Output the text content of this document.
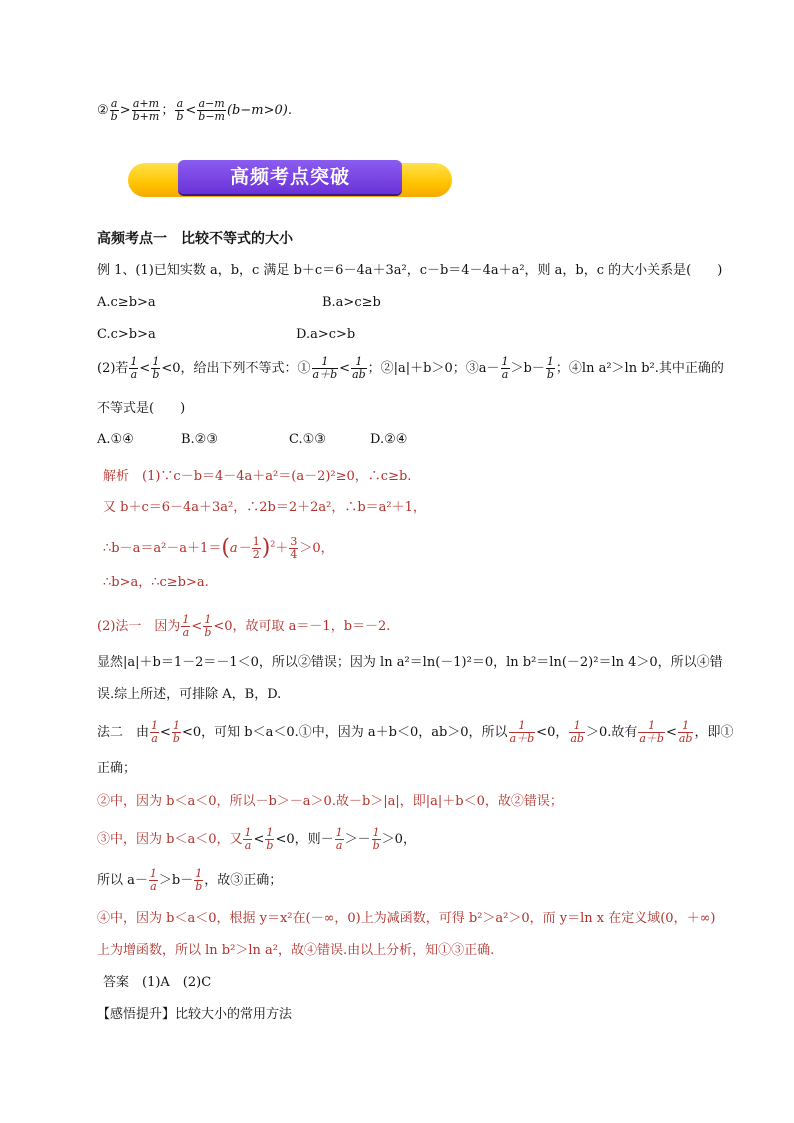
② $\frac{a}{b} > \frac{a+m}{b+m}$ ； $\frac{a}{b} < \frac{a-m}{b-m} (b-m>0)$.
高频考点突破
高频考点一　比较不等式的大小
例 1、(1)已知实数 a，b，c 满足 b＋c＝6－4a＋3a²，c－b＝4－4a＋a²，则 a，b，c 的大小关系是(　　)
A.c≥b>a	B.a>c≥b
C.c>b>a	D.a>c>b
(2)若 $\frac{1}{a} < \frac{1}{b} <0$，给出下列不等式：① $\frac{1}{a+b} < \frac{1}{ab}$ ；②|a|＋b＞0；③a－ $\frac{1}{a} >b- \frac{1}{b}$ ；④ln a²＞ln b².其中正确的
不等式是(　　)
A.①④	B.②③	C.①③	D.②④
解析　(1)∵c－b＝4－4a＋a²＝(a－2)²≥0，∴c≥b.
又 b＋c＝6－4a＋3a²，∴2b＝2＋2a²，∴b＝a²＋1，
∴b－a＝a²－a＋1＝(a－ $\frac{1}{2} )^2+ \frac{3}{4} >0$，
∴b>a，∴c≥b>a.
(2)法一　因为 $\frac{1}{a} < \frac{1}{b} <0$，故可取 a＝－1，b＝－2.
显然|a|＋b＝1－2＝－1＜0，所以②错误；因为 ln a²＝ln(－1)²＝0，ln b²＝ln(－2)²＝ln 4＞0，所以④错
误.综上所述，可排除 A，B，D.
法二　由 $\frac{1}{a} < \frac{1}{b} <0$，可知 b＜a＜0.①中，因为 a＋b＜0，ab＞0，所以 $\frac{1}{a+b} <0$， $\frac{1}{ab} >0$.故有 $\frac{1}{a+b} < \frac{1}{ab}$ ，即①
正确；
②中，因为 b＜a＜0，所以－b＞－a＞0.故－b＞|a|，即|a|＋b＜0，故②错误；
③中，因为 b＜a＜0，又 $\frac{1}{a} < \frac{1}{b} <0$，则－ $\frac{1}{a} >- \frac{1}{b} >0$，
所以 $a- \frac{1}{a} >b- \frac{1}{b}$ ，故③正确；
④中，因为 b＜a＜0，根据 y＝x²在(－∞，0)上为减函数，可得 b²＞a²＞0，而 y＝ln x 在定义域(0，＋∞)
上为增函数，所以 ln b²＞ln a²，故④错误.由以上分析，知①③正确.
答案　(1)A　(2)C
【感悟提升】比较大小的常用方法
